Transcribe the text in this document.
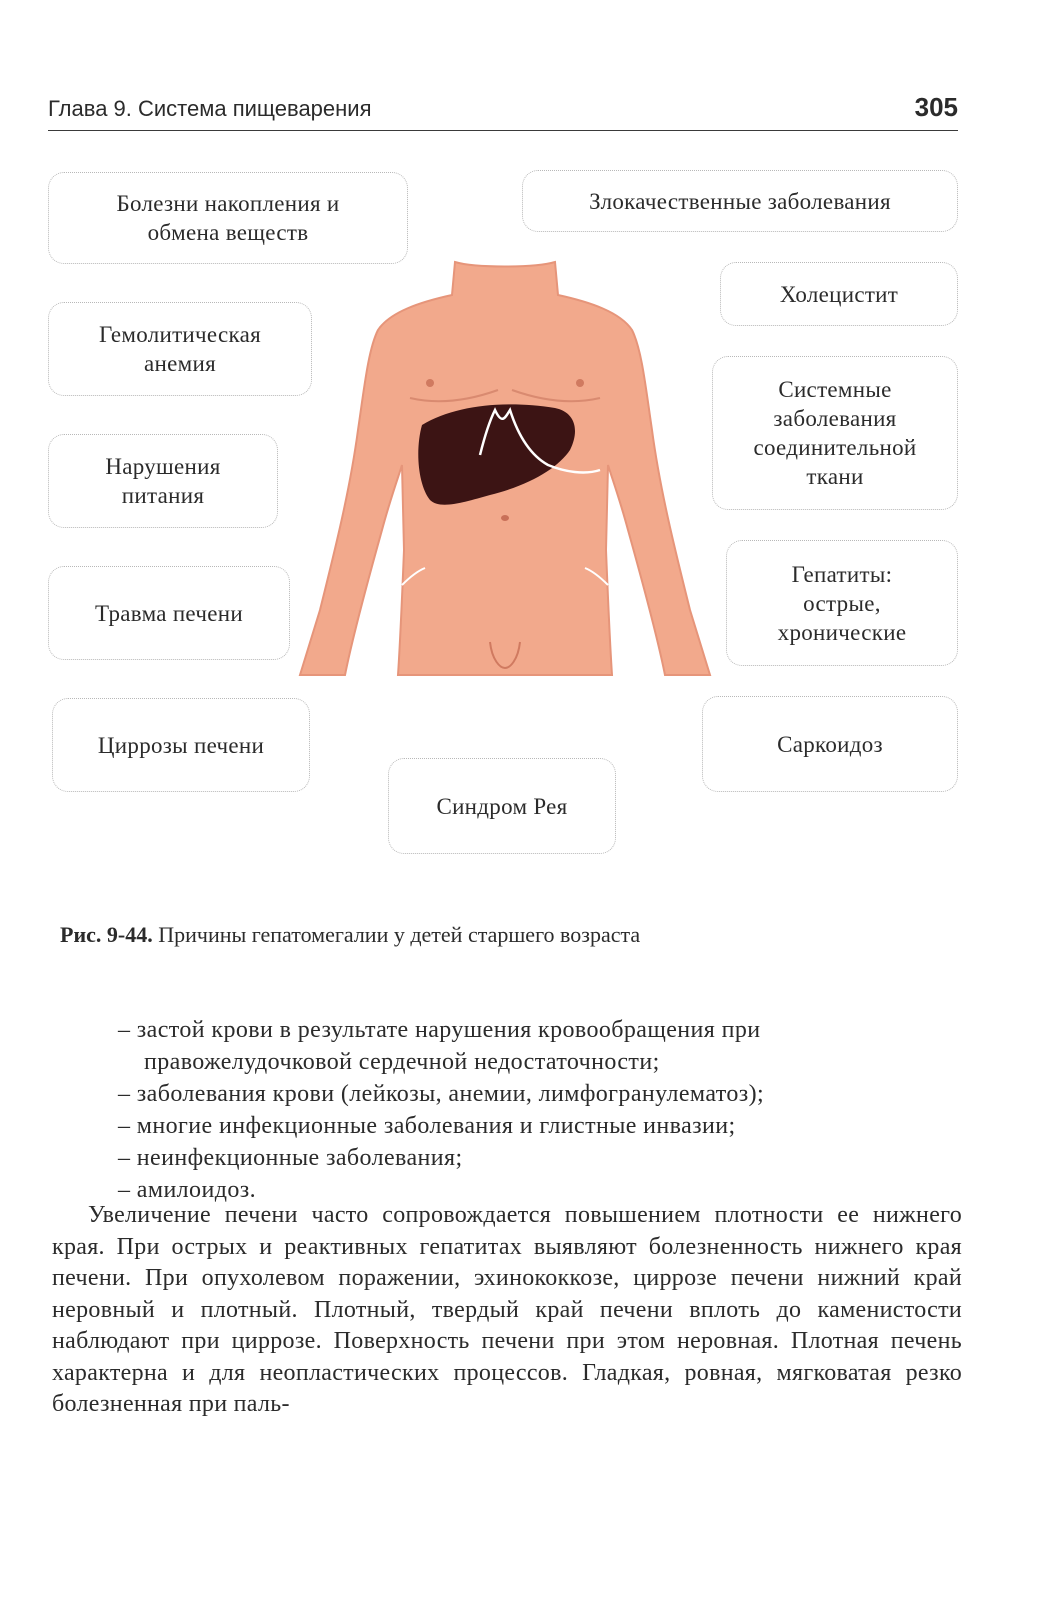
Глава 9. Система пищеварения	305
Болезни накопления и
обмена веществ
Гемолитическая
анемия
Нарушения
питания
Травма печени
Циррозы печени
Синдром Рея
Злокачественные заболевания
Холецистит
Системные
заболевания
соединительной
ткани
Гепатиты:
острые,
хронические
Саркоидоз
Рис. 9-44. Причины гепатомегалии у детей старшего возраста
– застой крови в результате нарушения кровообращения при правожелудочковой сердечной недостаточности;
– заболевания крови (лейкозы, анемии, лимфогранулематоз);
– многие инфекционные заболевания и глистные инвазии;
– неинфекционные заболевания;
– амилоидоз.

Увеличение печени часто сопровождается повышением плотности ее нижнего края. При острых и реактивных гепатитах выявляют болезненность нижнего края печени. При опухолевом поражении, эхинококкозе, циррозе печени нижний край неровный и плотный. Плотный, твердый край печени вплоть до каменистости наблюдают при циррозе. Поверхность печени при этом неровная. Плотная печень характерна и для неопластических процессов. Гладкая, ровная, мягковатая резко болезненная при паль-
